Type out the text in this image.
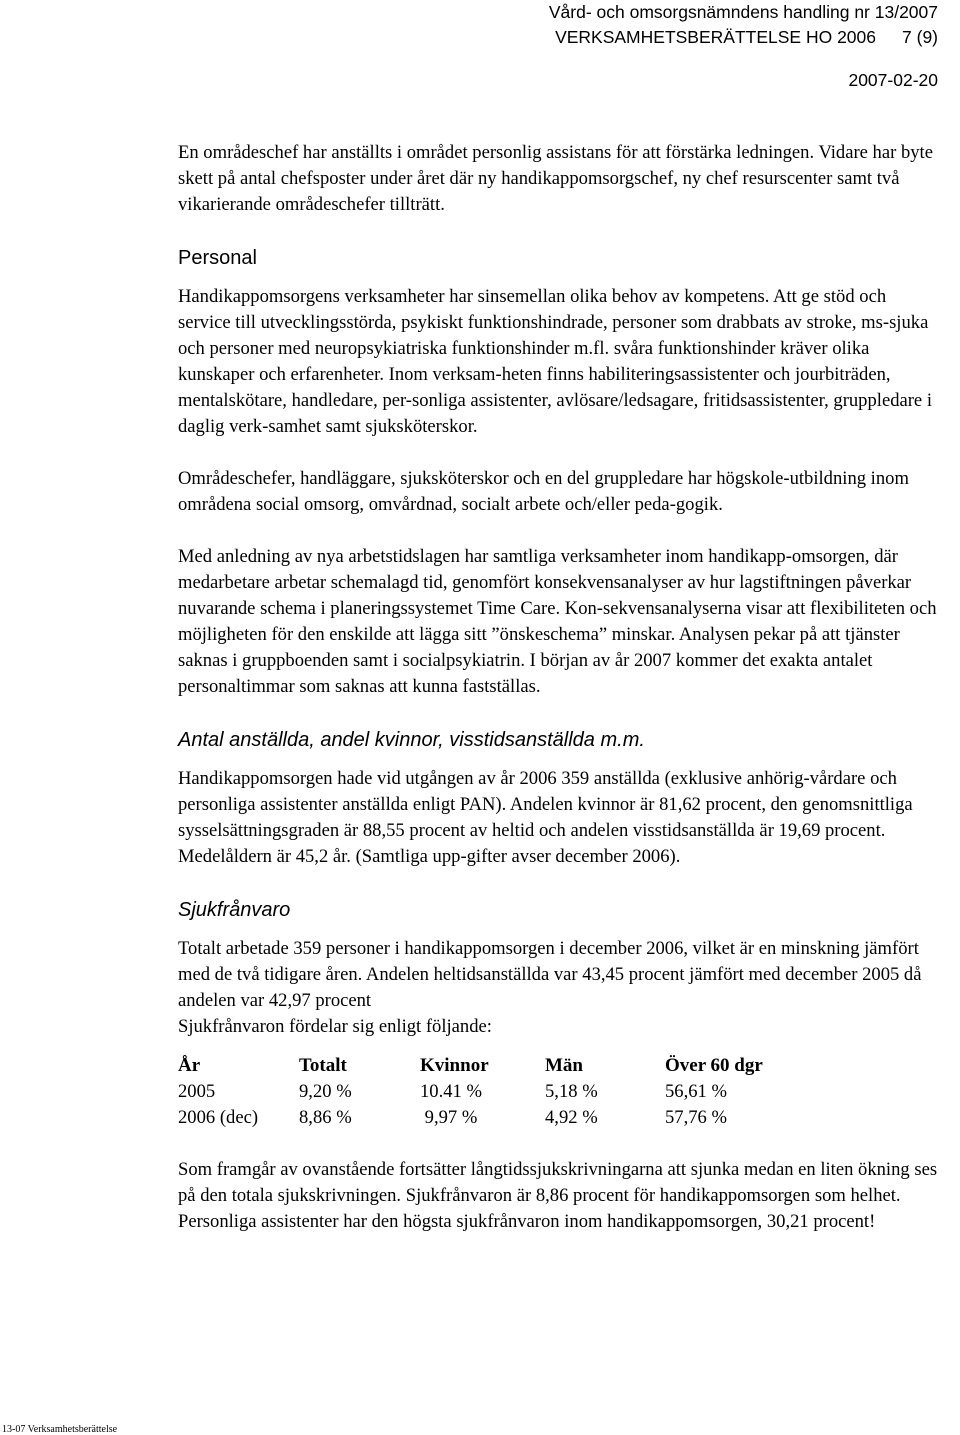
Vård- och omsorgsnämndens handling nr 13/2007
VERKSAMHETSBERÄTTELSE HO 2006 7 (9)
2007-02-20

En områdeschef har anställts i området personlig assistans för att förstärka ledningen. Vidare har byte skett på antal chefsposter under året där ny handikappomsorgschef, ny chef resurscenter samt två vikarierande områdeschefer tillträtt.

Personal

Handikappomsorgens verksamheter har sinsemellan olika behov av kompetens. Att ge stöd och service till utvecklingsstörda, psykiskt funktionshindrade, personer som drabbats av stroke, ms-sjuka och personer med neuropsykiatriska funktionshinder m.fl. svåra funktionshinder kräver olika kunskaper och erfarenheter. Inom verksam-heten finns habiliteringsassistenter och jourbiträden, mentalskötare, handledare, per-sonliga assistenter, avlösare/ledsagare, fritidsassistenter, gruppledare i daglig verk-samhet samt sjuksköterskor.

Områdeschefer, handläggare, sjuksköterskor och en del gruppledare har högskole-utbildning inom områdena social omsorg, omvårdnad, socialt arbete och/eller peda-gogik.

Med anledning av nya arbetstidslagen har samtliga verksamheter inom handikapp-omsorgen, där medarbetare arbetar schemalagd tid, genomfört konsekvensanalyser av hur lagstiftningen påverkar nuvarande schema i planeringssystemet Time Care. Kon-sekvensanalyserna visar att flexibiliteten och möjligheten för den enskilde att lägga sitt ”önskeschema” minskar. Analysen pekar på att tjänster saknas i gruppboenden samt i socialpsykiatrin. I början av år 2007 kommer det exakta antalet personaltimmar som saknas att kunna fastställas.

Antal anställda, andel kvinnor, visstidsanställda m.m.

Handikappomsorgen hade vid utgången av år 2006 359 anställda (exklusive anhörig-vårdare och personliga assistenter anställda enligt PAN). Andelen kvinnor är 81,62 procent, den genomsnittliga sysselsättningsgraden är 88,55 procent av heltid och andelen visstidsanställda är 19,69 procent. Medelåldern är 45,2 år. (Samtliga upp-gifter avser december 2006).

Sjukfrånvaro

Totalt arbetade 359 personer i handikappomsorgen i december 2006, vilket är en minskning jämfört med de två tidigare åren. Andelen heltidsanställda var 43,45 procent jämfört med december 2005 då andelen var 42,97 procent

Sjukfrånvaron fördelar sig enligt följande:

År	Totalt	Kvinnor	Män	Över 60 dgr
2005	9,20 %	10.41 %	5,18 %	56,61 %
2006 (dec)	8,86 %	9,97 %	4,92 %	57,76 %

Som framgår av ovanstående fortsätter långtidssjukskrivningarna att sjunka medan en liten ökning ses på den totala sjukskrivningen. Sjukfrånvaron är 8,86 procent för handikappomsorgen som helhet. Personliga assistenter har den högsta sjukfrånvaron inom handikappomsorgen, 30,21 procent!

13-07 Verksamhetsberättelse
